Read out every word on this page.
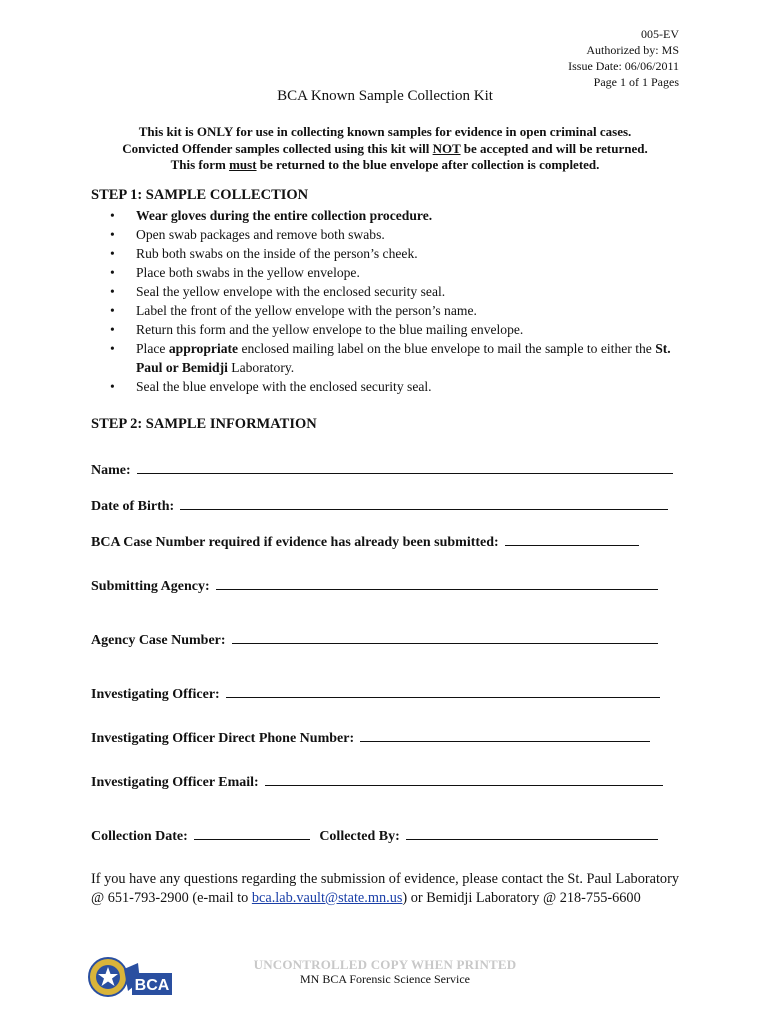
005-EV
Authorized by: MS
Issue Date: 06/06/2011
Page 1 of 1 Pages
BCA Known Sample Collection Kit
This kit is ONLY for use in collecting known samples for evidence in open criminal cases.
Convicted Offender samples collected using this kit will NOT be accepted and will be returned.
This form must be returned to the blue envelope after collection is completed.
STEP 1: SAMPLE COLLECTION
• Wear gloves during the entire collection procedure.
• Open swab packages and remove both swabs.
• Rub both swabs on the inside of the person’s cheek.
• Place both swabs in the yellow envelope.
• Seal the yellow envelope with the enclosed security seal.
• Label the front of the yellow envelope with the person’s name.
• Return this form and the yellow envelope to the blue mailing envelope.
• Place appropriate enclosed mailing label on the blue envelope to mail the sample to either the St. Paul or Bemidji Laboratory.
• Seal the blue envelope with the enclosed security seal.
STEP 2: SAMPLE INFORMATION
Name:
Date of Birth:
BCA Case Number required if evidence has already been submitted:
Submitting Agency:
Agency Case Number:
Investigating Officer:
Investigating Officer Direct Phone Number:
Investigating Officer Email:
Collection Date:	Collected By:
If you have any questions regarding the submission of evidence, please contact the St. Paul Laboratory @ 651-793-2900 (e-mail to bca.lab.vault@state.mn.us) or Bemidji Laboratory @ 218-755-6600
BCA
UNCONTROLLED COPY WHEN PRINTED
MN BCA Forensic Science Service
